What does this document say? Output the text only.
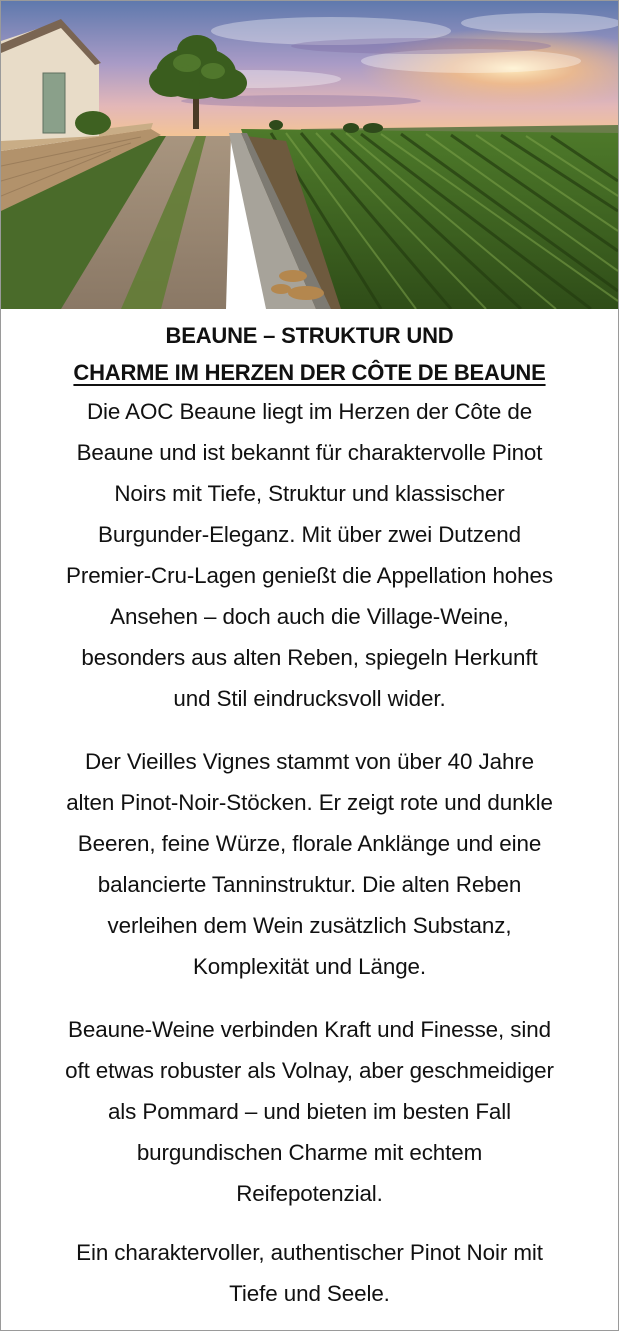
BEAUNE – STRUKTUR UND
CHARME IM HERZEN DER CÔTE DE BEAUNE

Die AOC Beaune liegt im Herzen der Côte de
Beaune und ist bekannt für charaktervolle Pinot
Noirs mit Tiefe, Struktur und klassischer
Burgunder-Eleganz. Mit über zwei Dutzend
Premier-Cru-Lagen genießt die Appellation hohes
Ansehen – doch auch die Village-Weine,
besonders aus alten Reben, spiegeln Herkunft
und Stil eindrucksvoll wider.

Der Vieilles Vignes stammt von über 40 Jahre
alten Pinot-Noir-Stöcken. Er zeigt rote und dunkle
Beeren, feine Würze, florale Anklänge und eine
balancierte Tanninstruktur. Die alten Reben
verleihen dem Wein zusätzlich Substanz,
Komplexität und Länge.

Beaune-Weine verbinden Kraft und Finesse, sind
oft etwas robuster als Volnay, aber geschmeidiger
als Pommard – und bieten im besten Fall
burgundischen Charme mit echtem
Reifepotenzial.

Ein charaktervoller, authentischer Pinot Noir mit
Tiefe und Seele.
